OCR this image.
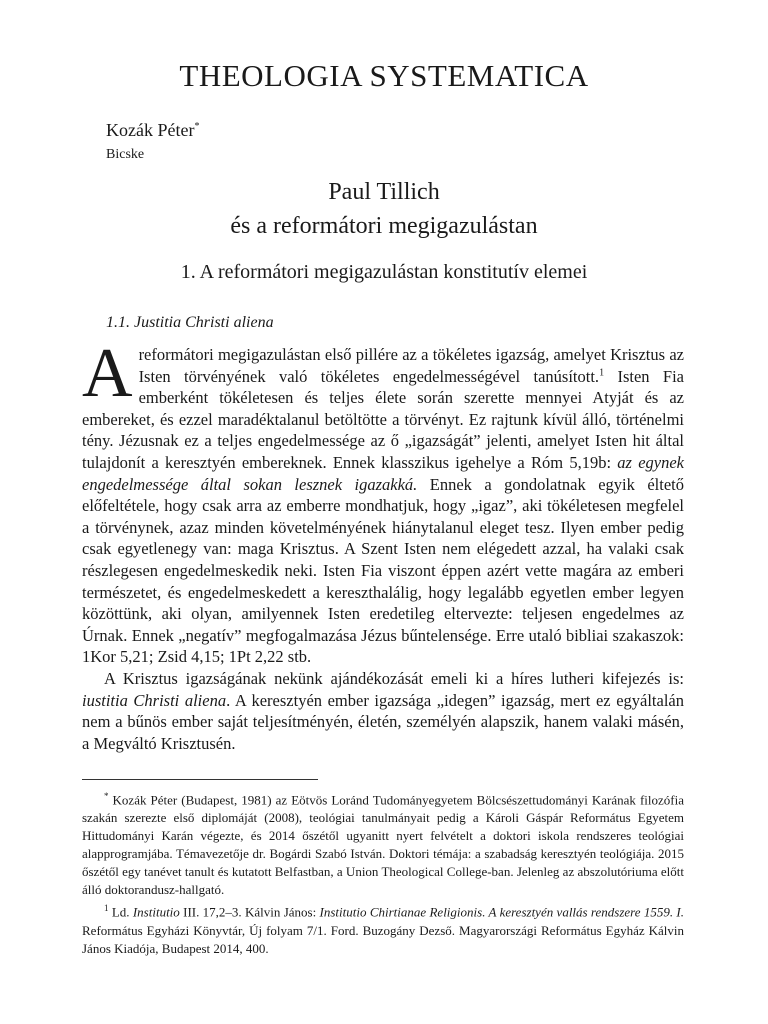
THEOLOGIA SYSTEMATICA
Kozák Péter*
Bicske
Paul Tillich
és a reformátori megigazulástan
1. A reformátori megigazulástan konstitutív elemei
1.1. Justitia Christi aliena

Areformátori megigazulástan első pillére az a tökéletes igazság, amelyet Krisztus az Isten törvényének való tökéletes engedelmességével tanúsított.$^1$ Isten Fia emberként tökéletesen és teljes élete során szerette mennyei Atyját és az embereket, és ezzel maradéktalanul betöltötte a törvényt. Ez rajtunk kívül álló, történelmi tény. Jézusnak ez a teljes engedelmessége az ő „igazságát” jelenti, amelyet Isten hit által tulajdonít a keresztyén embereknek. Ennek klasszikus igehelye a Róm 5,19b: az egynek engedelmessége által sokan lesznek igazakká. Ennek a gondolatnak egyik éltető előfeltétele, hogy csak arra az emberre mondhatjuk, hogy „igaz”, aki tökéletesen megfelel a törvénynek, azaz minden követelményének hiánytalanul eleget tesz. Ilyen ember pedig csak egyetlenegy van: maga Krisztus. A Szent Isten nem elégedett azzal, ha valaki csak részlegesen engedelmeskedik neki. Isten Fia viszont éppen azért vette magára az emberi természetet, és engedelmeskedett a kereszthalálig, hogy legalább egyetlen ember legyen közöttünk, aki olyan, amilyennek Isten eredetileg eltervezte: teljesen engedelmes az Úrnak. Ennek „negatív” megfogalmazása Jézus bűntelensége. Erre utaló bibliai szakaszok: 1Kor 5,21; Zsid 4,15; 1Pt 2,22 stb.

A Krisztus igazságának nekünk ajándékozását emeli ki a híres lutheri kifejezés is: iustitia Christi aliena. A keresztyén ember igazsága „idegen” igazság, mert ez egyáltalán nem a bűnös ember saját teljesítményén, életén, személyén alapszik, hanem valaki másén, a Megváltó Krisztusén.

* Kozák Péter (Budapest, 1981) az Eötvös Loránd Tudományegyetem Bölcsészettudományi Karának filozófia szakán szerezte első diplomáját (2008), teológiai tanulmányait pedig a Károli Gáspár Református Egyetem Hittudományi Karán végezte, és 2014 őszétől ugyanitt nyert felvételt a doktori iskola rendszeres teológiai alapprogramjába. Témavezetője dr. Bogárdi Szabó István. Doktori témája: a szabadság keresztyén teológiája. 2015 őszétől egy tanévet tanult és kutatott Belfastban, a Union Theological College-ban. Jelenleg az abszolutóriuma előtt álló doktorandusz-hallgató.

$^1$ Ld. Institutio III. 17,2–3. Kálvin János: Institutio Chirtianae Religionis. A keresztyén vallás rendszere 1559. I. Református Egyházi Könyvtár, Új folyam 7/1. Ford. Buzogány Dezső. Magyarországi Református Egyház Kálvin János Kiadója, Budapest 2014, 400.
